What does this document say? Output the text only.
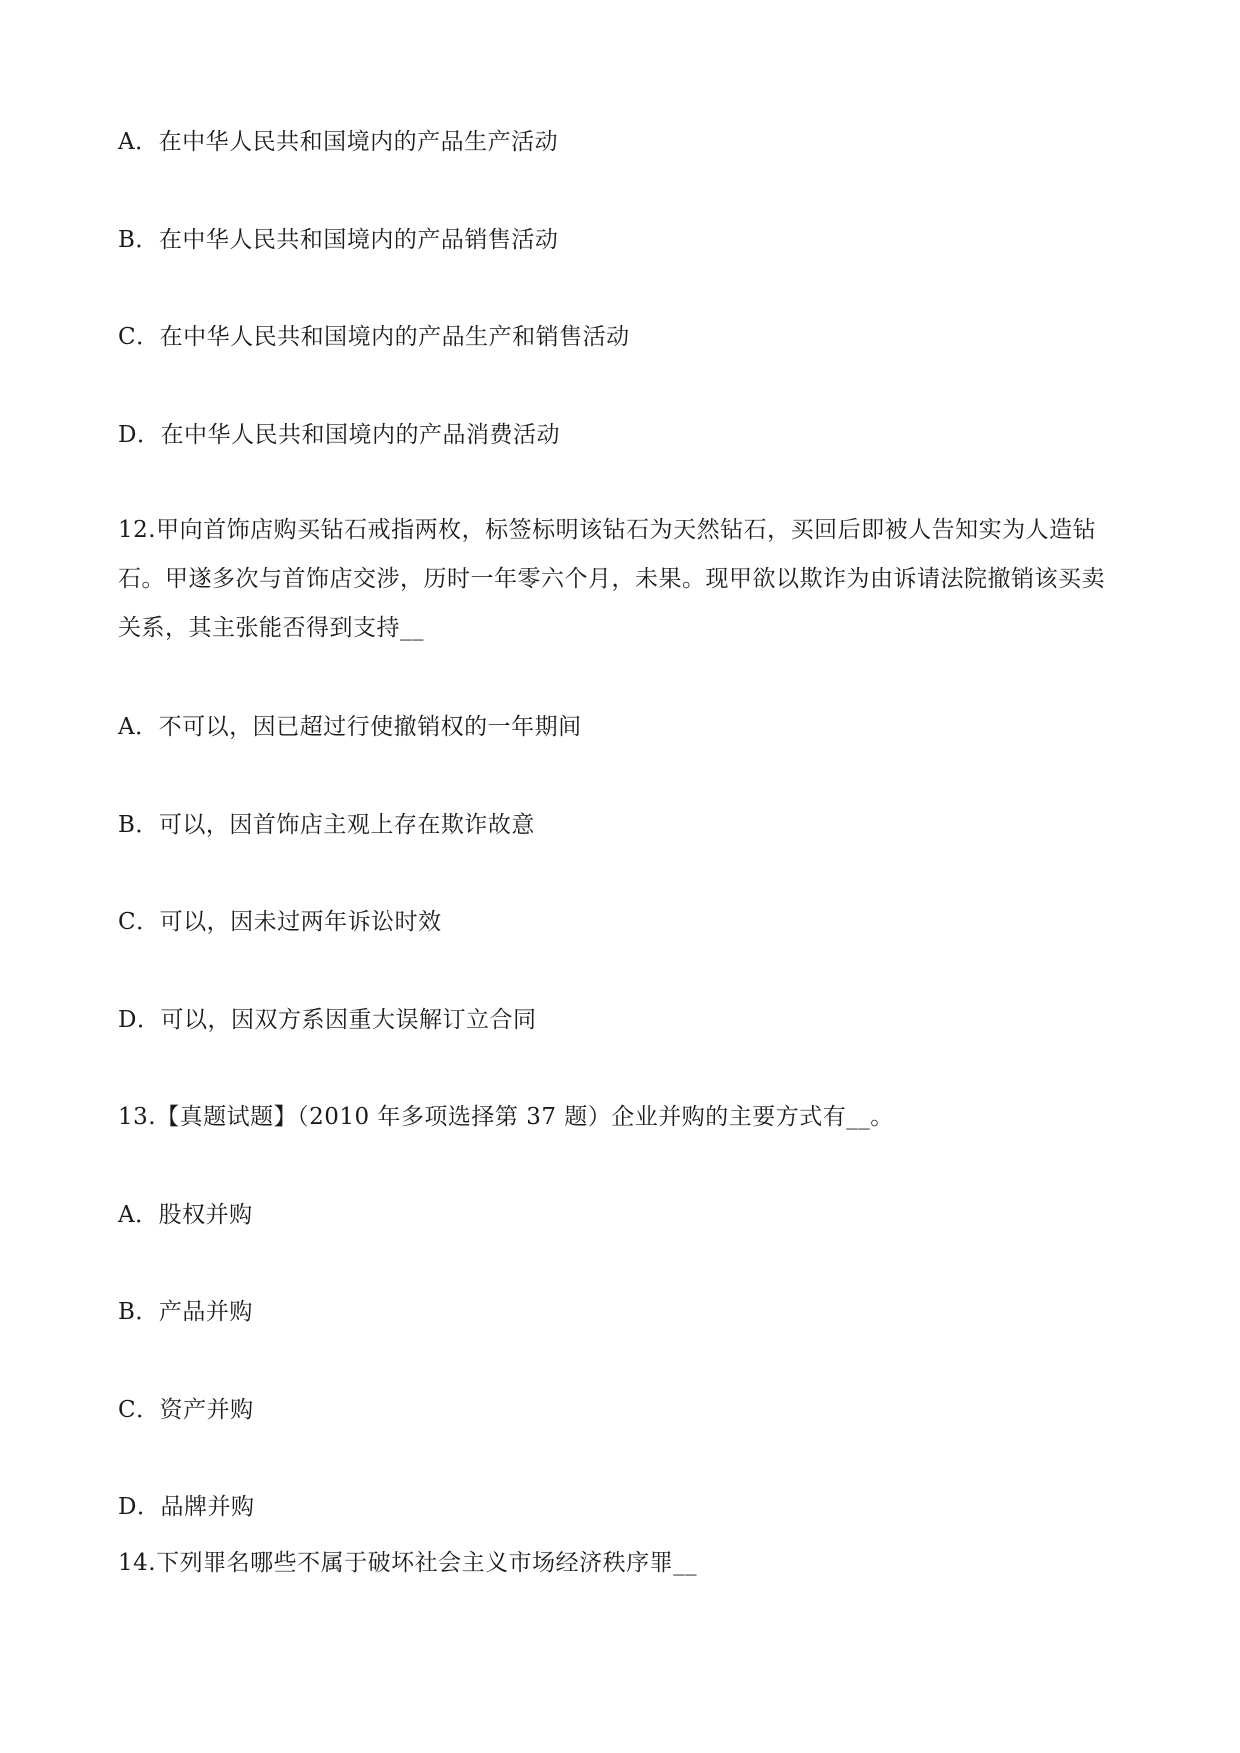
A．在中华人民共和国境内的产品生产活动
B．在中华人民共和国境内的产品销售活动
C．在中华人民共和国境内的产品生产和销售活动
D．在中华人民共和国境内的产品消费活动
12.甲向首饰店购买钻石戒指两枚，标签标明该钻石为天然钻石，买回后即被人告知实为人造钻石。甲遂多次与首饰店交涉，历时一年零六个月，未果。现甲欲以欺诈为由诉请法院撤销该买卖关系，其主张能否得到支持__
A．不可以，因已超过行使撤销权的一年期间
B．可以，因首饰店主观上存在欺诈故意
C．可以，因未过两年诉讼时效
D．可以，因双方系因重大误解订立合同
13.【真题试题】（2010 年多项选择第 37 题）企业并购的主要方式有__。
A．股权并购
B．产品并购
C．资产并购
D．品牌并购
14.下列罪名哪些不属于破坏社会主义市场经济秩序罪__
